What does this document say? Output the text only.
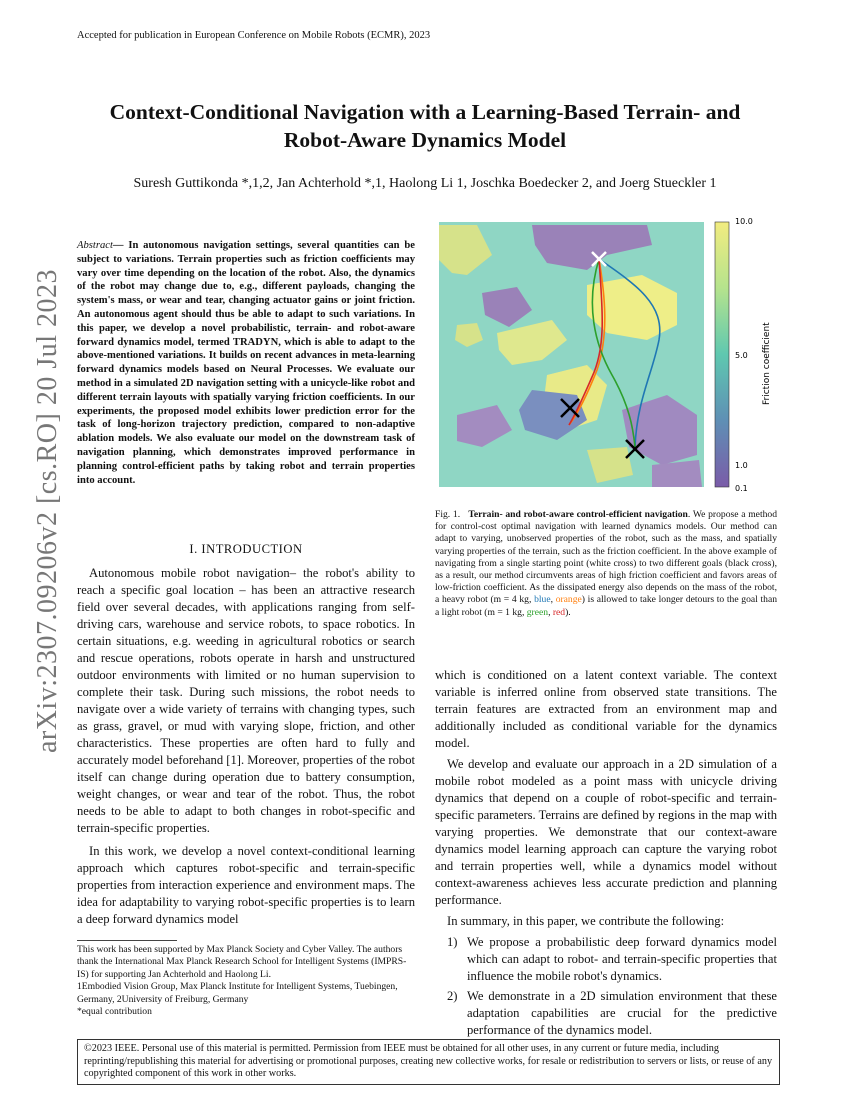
Accepted for publication in European Conference on Mobile Robots (ECMR), 2023
Context-Conditional Navigation with a Learning-Based Terrain- and
Robot-Aware Dynamics Model
Suresh Guttikonda *,1,2, Jan Achterhold *,1, Haolong Li 1, Joschka Boedecker 2, and Joerg Stueckler 1
arXiv:2307.09206v2 [cs.RO] 20 Jul 2023
Abstract— In autonomous navigation settings, several quantities can be subject to variations. Terrain properties such as friction coefficients may vary over time depending on the location of the robot. Also, the dynamics of the robot may change due to, e.g., different payloads, changing the system's mass, or wear and tear, changing actuator gains or joint friction. An autonomous agent should thus be able to adapt to such variations. In this paper, we develop a novel probabilistic, terrain- and robot-aware forward dynamics model, termed TRADYN, which is able to adapt to the above-mentioned variations. It builds on recent advances in meta-learning forward dynamics models based on Neural Processes. We evaluate our method in a simulated 2D navigation setting with a unicycle-like robot and different terrain layouts with spatially varying friction coefficients. In our experiments, the proposed model exhibits lower prediction error for the task of long-horizon trajectory prediction, compared to non-adaptive ablation models. We also evaluate our model on the downstream task of navigation planning, which demonstrates improved performance in planning control-efficient paths by taking robot and terrain properties into account.
I. INTRODUCTION

Autonomous mobile robot navigation– the robot's ability to reach a specific goal location – has been an attractive research field over several decades, with applications ranging from self-driving cars, warehouse and service robots, to space robotics. In certain situations, e.g. weeding in agricultural robotics or search and rescue operations, robots operate in harsh and unstructured outdoor environments with limited or no human supervision to complete their task. During such missions, the robot needs to navigate over a wide variety of terrains with changing types, such as grass, gravel, or mud with varying slope, friction, and other characteristics. These properties are often hard to fully and accurately model beforehand [1]. Moreover, properties of the robot itself can change during operation due to battery consumption, weight changes, or wear and tear of the robot. Thus, the robot needs to be able to adapt to both changes in robot-specific and terrain-specific properties.

In this work, we develop a novel context-conditional learning approach which captures robot-specific and terrain-specific properties from interaction experience and environment maps. The idea for adaptability to varying robot-specific properties is to learn a deep forward dynamics model

This work has been supported by Max Planck Society and Cyber Valley. The authors thank the International Max Planck Research School for Intelligent Systems (IMPRS-IS) for supporting Jan Achterhold and Haolong Li.
1Embodied Vision Group, Max Planck Institute for Intelligent Systems, Tuebingen, Germany, 2University of Freiburg, Germany
*equal contribution
10.0
5.0
1.0
0.1
Friction coefficient
Fig. 1. Terrain- and robot-aware control-efficient navigation. We propose a method for control-cost optimal navigation with learned dynamics models. Our method can adapt to varying, unobserved properties of the robot, such as the mass, and spatially varying properties of the terrain, such as the friction coefficient. In the above example of navigating from a single starting point (white cross) to two different goals (black cross), as a result, our method circumvents areas of high friction coefficient and favors areas of low-friction coefficient. As the dissipated energy also depends on the mass of the robot, a heavy robot (m = 4 kg, blue, orange) is allowed to take longer detours to the goal than a light robot (m = 1 kg, green, red).

which is conditioned on a latent context variable. The context variable is inferred online from observed state transitions. The terrain features are extracted from an environment map and additionally included as conditional variable for the dynamics model.

We develop and evaluate our approach in a 2D simulation of a mobile robot modeled as a point mass with unicycle driving dynamics that depend on a couple of robot-specific and terrain-specific parameters. Terrains are defined by regions in the map with varying properties. We demonstrate that our context-aware dynamics model learning approach can capture the varying robot and terrain properties well, while a dynamics model without context-awareness achieves less accurate prediction and planning performance.

In summary, in this paper, we contribute the following:

1) We propose a probabilistic deep forward dynamics model which can adapt to robot- and terrain-specific properties that influence the mobile robot's dynamics.
2) We demonstrate in a 2D simulation environment that these adaptation capabilities are crucial for the predictive performance of the dynamics model.
©2023 IEEE. Personal use of this material is permitted. Permission from IEEE must be obtained for all other uses, in any current or future media, including reprinting/republishing this material for advertising or promotional purposes, creating new collective works, for resale or redistribution to servers or lists, or reuse of any copyrighted component of this work in other works.
